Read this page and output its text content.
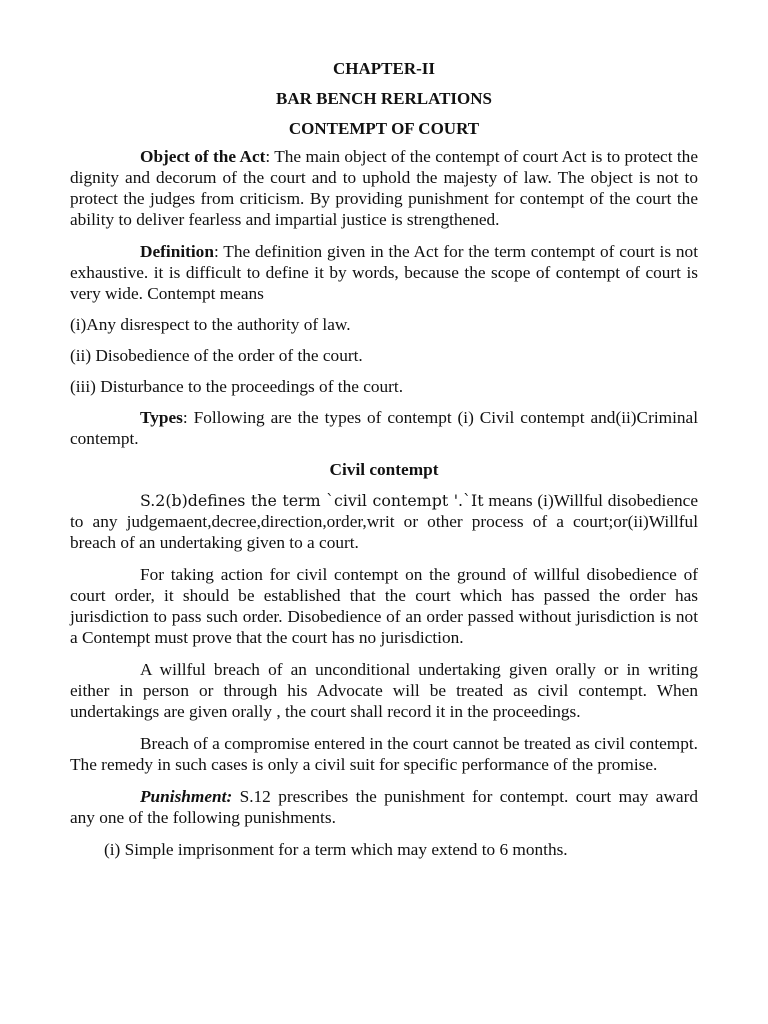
CHAPTER-II
BAR BENCH RERLATIONS
CONTEMPT OF COURT

Object of the Act: The main object of the contempt of court Act is to protect the dignity and decorum of the court and to uphold the majesty of law. The object is not to protect the judges from criticism. By providing punishment for contempt of the court the ability to deliver fearless and impartial justice is strengthened.

Definition: The definition given in the Act for the term contempt of court is not exhaustive. it is difficult to define it by words, because the scope of contempt of court is very wide. Contempt means

(i)Any disrespect to the authority of law.
(ii) Disobedience of the order of the court.
(iii) Disturbance to the proceedings of the court.

Types: Following are the types of contempt (i) Civil contempt and(ii)Criminal contempt.

Civil contempt

S.2(b)defines the term `civil contempt '.`It means (i)Willful disobedience to any judgemaent,decree,direction,order,writ or other process of a court;or(ii)Willful breach of an undertaking given to a court.

For taking action for civil contempt on the ground of willful disobedience of court order, it should be established that the court which has passed the order has jurisdiction to pass such order. Disobedience of an order passed without jurisdiction is not a Contempt must prove that the court has no jurisdiction.

A willful breach of an unconditional undertaking given orally or in writing either in person or through his Advocate will be treated as civil contempt. When undertakings are given orally , the court shall record it in the proceedings.

Breach of a compromise entered in the court cannot be treated as civil contempt. The remedy in such cases is only a civil suit for specific performance of the promise.

Punishment: S.12 prescribes the punishment for contempt. court may award any one of the following punishments.

(i) Simple imprisonment for a term which may extend to 6 months.
